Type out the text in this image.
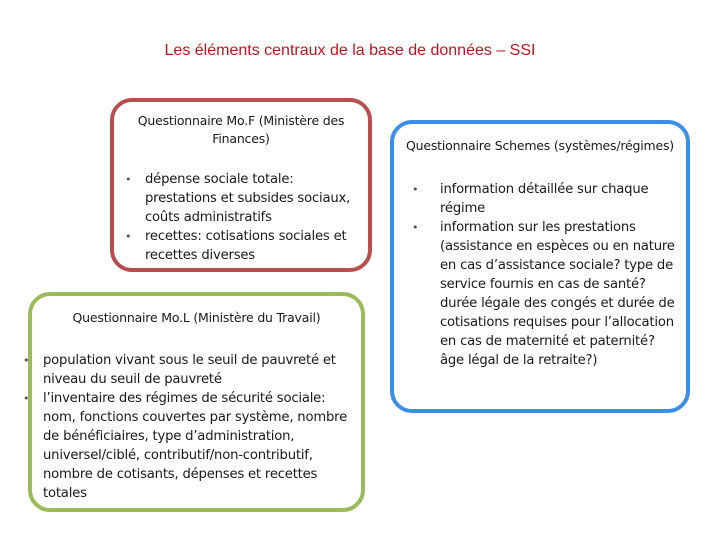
Les éléments centraux de la base de données – SSI
Questionnaire Mo.F (Ministère des Finances)
• dépense sociale totale: prestations et subsides sociaux, coûts administratifs
• recettes: cotisations sociales et recettes diverses
Questionnaire Mo.L (Ministère du Travail)
• population vivant sous le seuil de pauvreté et niveau du seuil de pauvreté
• l’inventaire des régimes de sécurité sociale: nom, fonctions couvertes par système, nombre de bénéficiaires, type d’administration, universel/ciblé, contributif/non-contributif, nombre de cotisants, dépenses et recettes totales
Questionnaire Schemes (systèmes/régimes)
• information détaillée sur chaque régime
• information sur les prestations (assistance en espèces ou en nature en cas d’assistance sociale? type de service fournis en cas de santé? durée légale des congés et durée de cotisations requises pour l’allocation en cas de maternité et paternité? âge légal de la retraite?)
